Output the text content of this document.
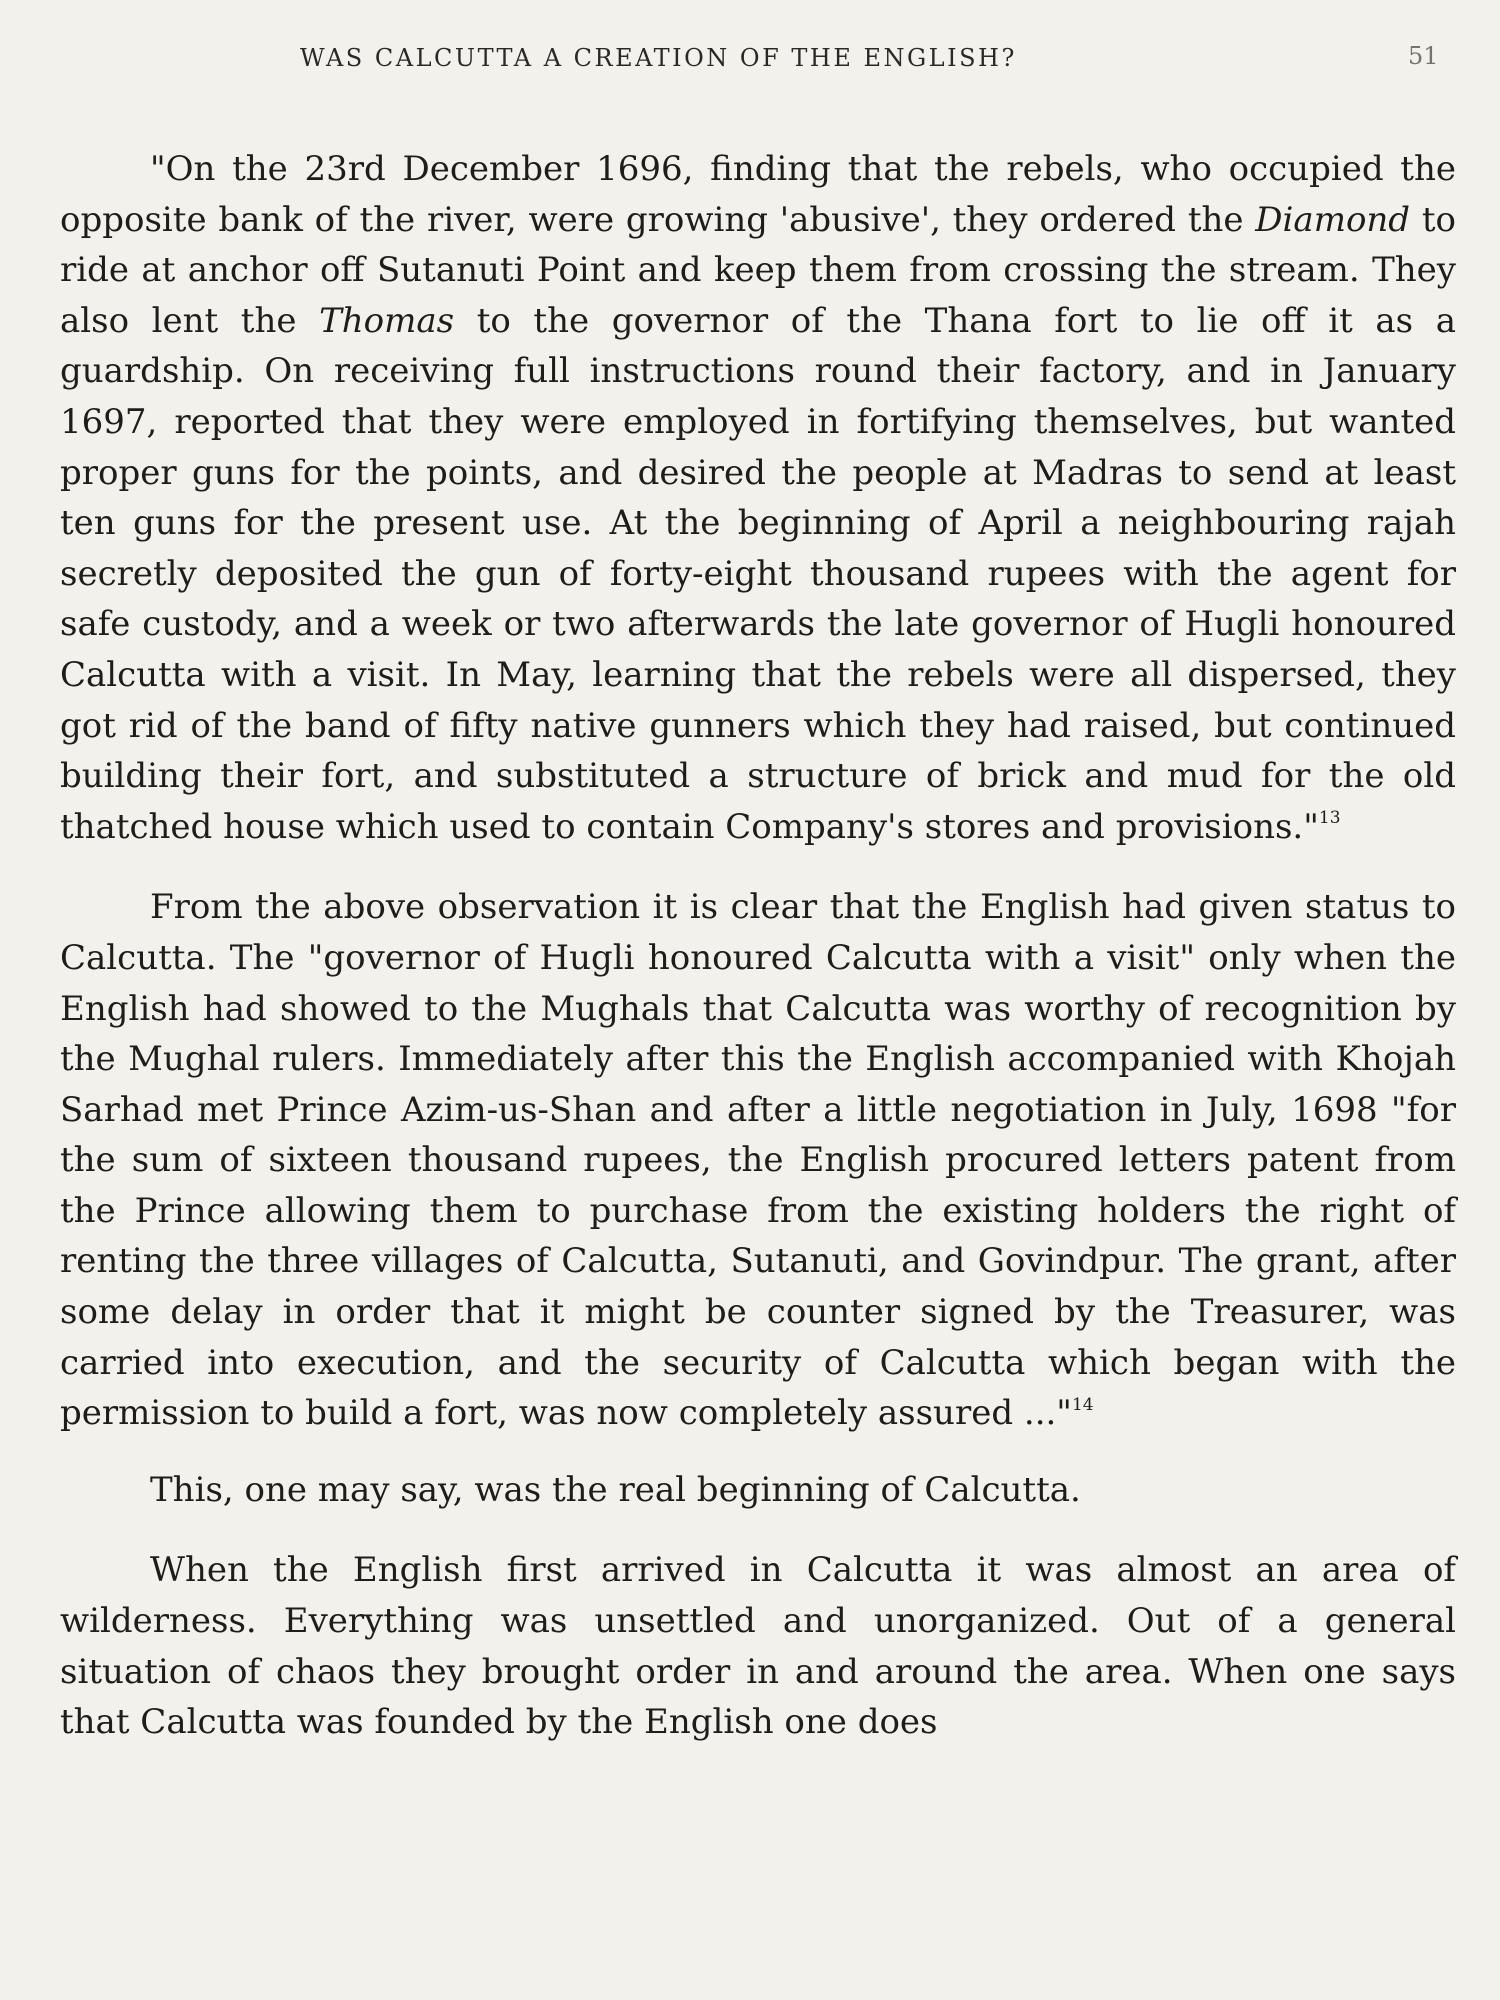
WAS CALCUTTA A CREATION OF THE ENGLISH?	51

"On the 23rd December 1696, finding that the rebels, who occupied the opposite bank of the river, were growing 'abusive', they ordered the Diamond to ride at anchor off Sutanuti Point and keep them from crossing the stream. They also lent the Thomas to the governor of the Thana fort to lie off it as a guardship. On receiving full instructions round their factory, and in January 1697, reported that they were employed in fortifying themselves, but wanted proper guns for the points, and desired the people at Madras to send at least ten guns for the present use. At the beginning of April a neighbouring rajah secretly deposited the gun of forty-eight thousand rupees with the agent for safe custody, and a week or two afterwards the late governor of Hugli honoured Calcutta with a visit. In May, learning that the rebels were all dispersed, they got rid of the band of fifty native gunners which they had raised, but continued building their fort, and substituted a structure of brick and mud for the old thatched house which used to contain Company's stores and provisions."$^{13}$

From the above observation it is clear that the English had given status to Calcutta. The "governor of Hugli honoured Calcutta with a visit" only when the English had showed to the Mughals that Calcutta was worthy of recognition by the Mughal rulers. Immediately after this the English accompanied with Khojah Sarhad met Prince Azim-us-Shan and after a little negotiation in July, 1698 "for the sum of sixteen thousand rupees, the English procured letters patent from the Prince allowing them to purchase from the existing holders the right of renting the three villages of Calcutta, Sutanuti, and Govindpur. The grant, after some delay in order that it might be counter signed by the Treasurer, was carried into execution, and the security of Calcutta which began with the permission to build a fort, was now completely assured ..."$^{14}$

This, one may say, was the real beginning of Calcutta.

When the English first arrived in Calcutta it was almost an area of wilderness. Everything was unsettled and unorganized. Out of a general situation of chaos they brought order in and around the area. When one says that Calcutta was founded by the English one does
